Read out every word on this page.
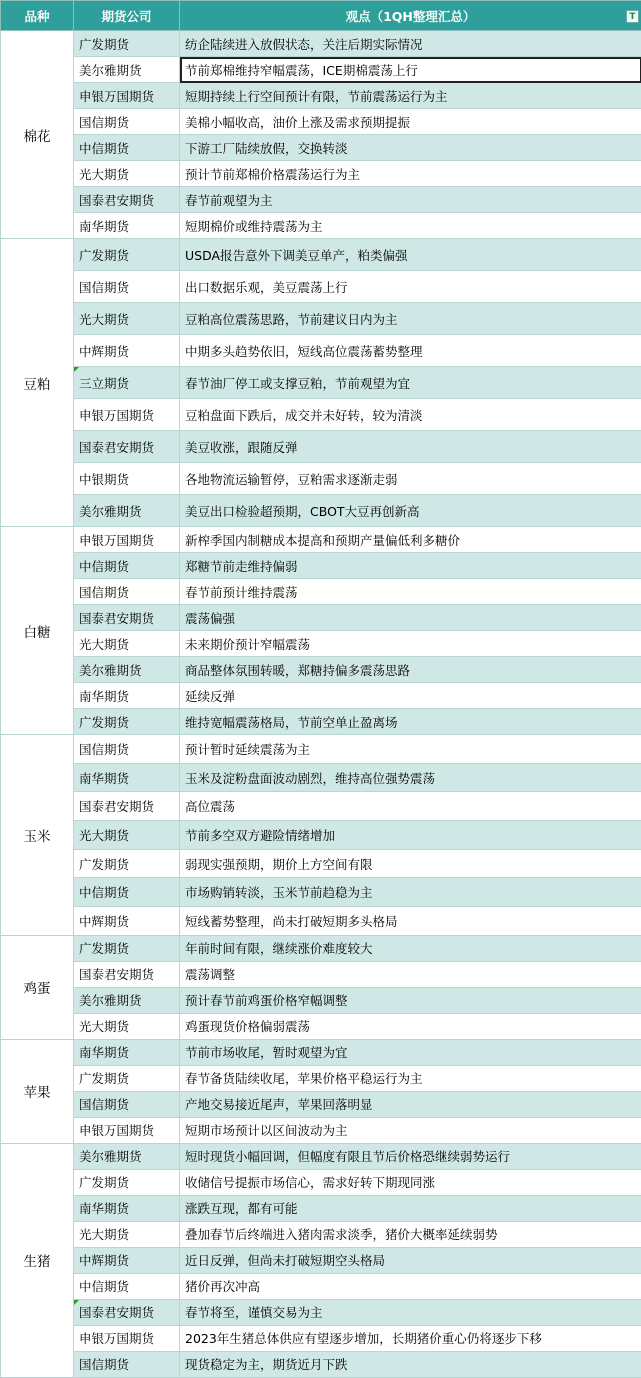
品种	期货公司	观点（1QH整理汇总） T

棉花	广发期货	纺企陆续进入放假状态，关注后期实际情况
	美尔雅期货	节前郑棉维持窄幅震荡，ICE期棉震荡上行
	申银万国期货	短期持续上行空间预计有限，节前震荡运行为主
	国信期货	美棉小幅收高，油价上涨及需求预期提振
	中信期货	下游工厂陆续放假，交换转淡
	光大期货	预计节前郑棉价格震荡运行为主
	国泰君安期货	春节前观望为主
	南华期货	短期棉价或维持震荡为主
豆粕	广发期货	USDA报告意外下调美豆单产，粕类偏强
	国信期货	出口数据乐观，美豆震荡上行
	光大期货	豆粕高位震荡思路，节前建议日内为主
	中辉期货	中期多头趋势依旧，短线高位震荡蓄势整理
	三立期货	春节油厂停工或支撑豆粕，节前观望为宜
	申银万国期货	豆粕盘面下跌后，成交并未好转，较为清淡
	国泰君安期货	美豆收涨，跟随反弹
	中银期货	各地物流运输暂停，豆粕需求逐渐走弱
	美尔雅期货	美豆出口检验超预期，CBOT大豆再创新高
白糖	申银万国期货	新榨季国内制糖成本提高和预期产量偏低利多糖价
	中信期货	郑糖节前走维持偏弱
	国信期货	春节前预计维持震荡
	国泰君安期货	震荡偏强
	光大期货	未来期价预计窄幅震荡
	美尔雅期货	商品整体氛围转暖，郑糖持偏多震荡思路
	南华期货	延续反弹
	广发期货	维持宽幅震荡格局，节前空单止盈离场
玉米	国信期货	预计暂时延续震荡为主
	南华期货	玉米及淀粉盘面波动剧烈，维持高位强势震荡
	国泰君安期货	高位震荡
	光大期货	节前多空双方避险情绪增加
	广发期货	弱现实强预期，期价上方空间有限
	中信期货	市场购销转淡，玉米节前趋稳为主
	中辉期货	短线蓄势整理，尚未打破短期多头格局
鸡蛋	广发期货	年前时间有限，继续涨价难度较大
	国泰君安期货	震荡调整
	美尔雅期货	预计春节前鸡蛋价格窄幅调整
	光大期货	鸡蛋现货价格偏弱震荡
苹果	南华期货	节前市场收尾，暂时观望为宜
	广发期货	春节备货陆续收尾，苹果价格平稳运行为主
	国信期货	产地交易接近尾声，苹果回落明显
	申银万国期货	短期市场预计以区间波动为主
生猪	美尔雅期货	短时现货小幅回调，但幅度有限且节后价格恐继续弱势运行
	广发期货	收储信号提振市场信心，需求好转下期现同涨
	南华期货	涨跌互现，都有可能
	光大期货	叠加春节后终端进入猪肉需求淡季，猪价大概率延续弱势
	中辉期货	近日反弹，但尚未打破短期空头格局
	中信期货	猪价再次冲高
	国泰君安期货	春节将至，谨慎交易为主
	申银万国期货	2023年生猪总体供应有望逐步增加，长期猪价重心仍将逐步下移
	国信期货	现货稳定为主，期货近月下跌
